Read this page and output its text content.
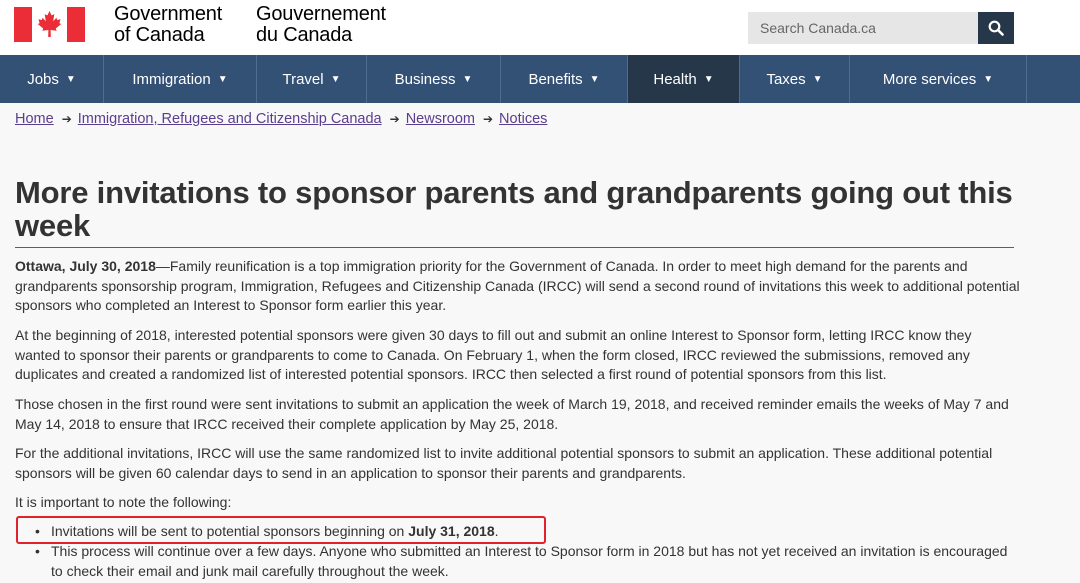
Government
of Canada
Gouvernement
du Canada
Search Canada.ca
Jobs ▼	Immigration ▼	Travel ▼	Business ▼	Benefits ▼	Health ▼	Taxes ▼	More services ▼
Home ➔ Immigration, Refugees and Citizenship Canada ➔ Newsroom ➔ Notices
More invitations to sponsor parents and grandparents going out this week

Ottawa, July 30, 2018—Family reunification is a top immigration priority for the Government of Canada. In order to meet high demand for the parents and grandparents sponsorship program, Immigration, Refugees and Citizenship Canada (IRCC) will send a second round of invitations this week to additional potential sponsors who completed an Interest to Sponsor form earlier this year.

At the beginning of 2018, interested potential sponsors were given 30 days to fill out and submit an online Interest to Sponsor form, letting IRCC know they wanted to sponsor their parents or grandparents to come to Canada. On February 1, when the form closed, IRCC reviewed the submissions, removed any duplicates and created a randomized list of interested potential sponsors. IRCC then selected a first round of potential sponsors from this list.

Those chosen in the first round were sent invitations to submit an application the week of March 19, 2018, and received reminder emails the weeks of May 7 and May 14, 2018 to ensure that IRCC received their complete application by May 25, 2018.

For the additional invitations, IRCC will use the same randomized list to invite additional potential sponsors to submit an application. These additional potential sponsors will be given 60 calendar days to send in an application to sponsor their parents and grandparents.

It is important to note the following:

• Invitations will be sent to potential sponsors beginning on July 31, 2018.
• This process will continue over a few days. Anyone who submitted an Interest to Sponsor form in 2018 but has not yet received an invitation is encouraged to check their email and junk mail carefully throughout the week.
